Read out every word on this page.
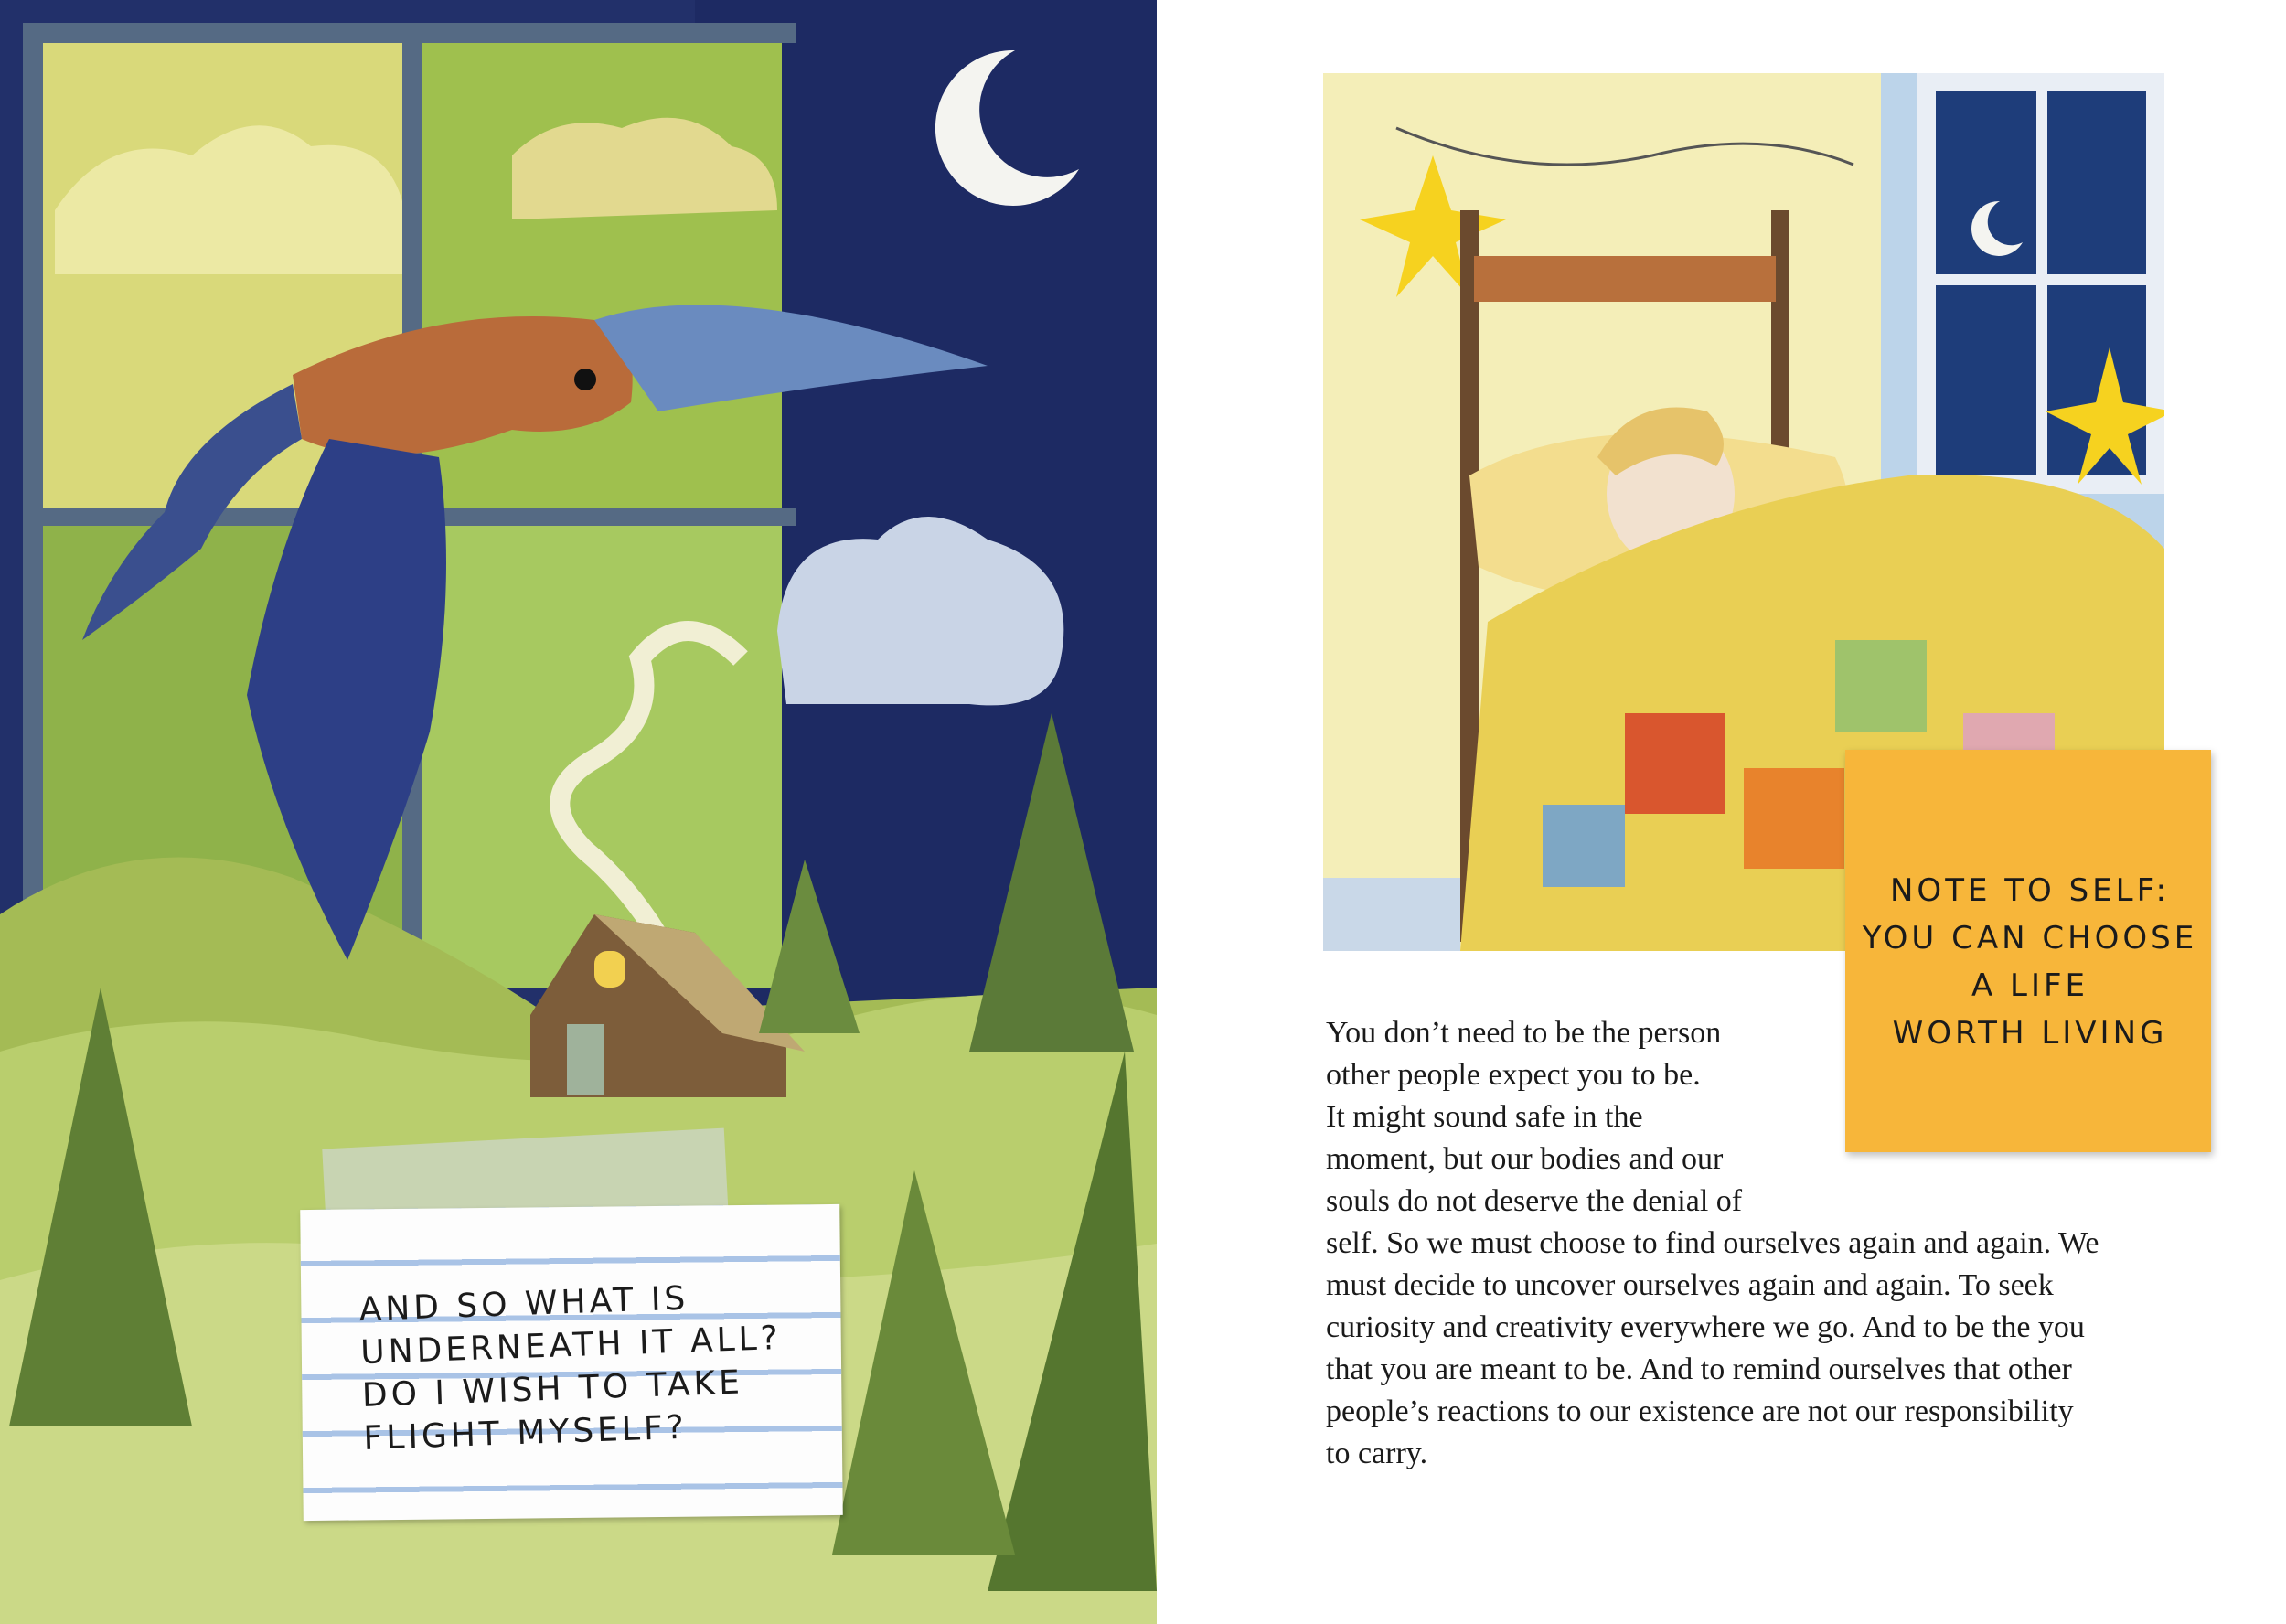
AND SO WHAT IS
UNDERNEATH IT ALL?
DO I WISH TO TAKE
FLIGHT MYSELF?
NOTE TO SELF:
YOU CAN CHOOSE
A LIFE
WORTH LIVING
You don’t need to be the person
other people expect you to be.
It might sound safe in the
moment, but our bodies and our
souls do not deserve the denial of
self. So we must choose to find ourselves again and again. We
must decide to uncover ourselves again and again. To seek
curiosity and creativity everywhere we go. And to be the you
that you are meant to be. And to remind ourselves that other
people’s reactions to our existence are not our responsibility
to carry.
